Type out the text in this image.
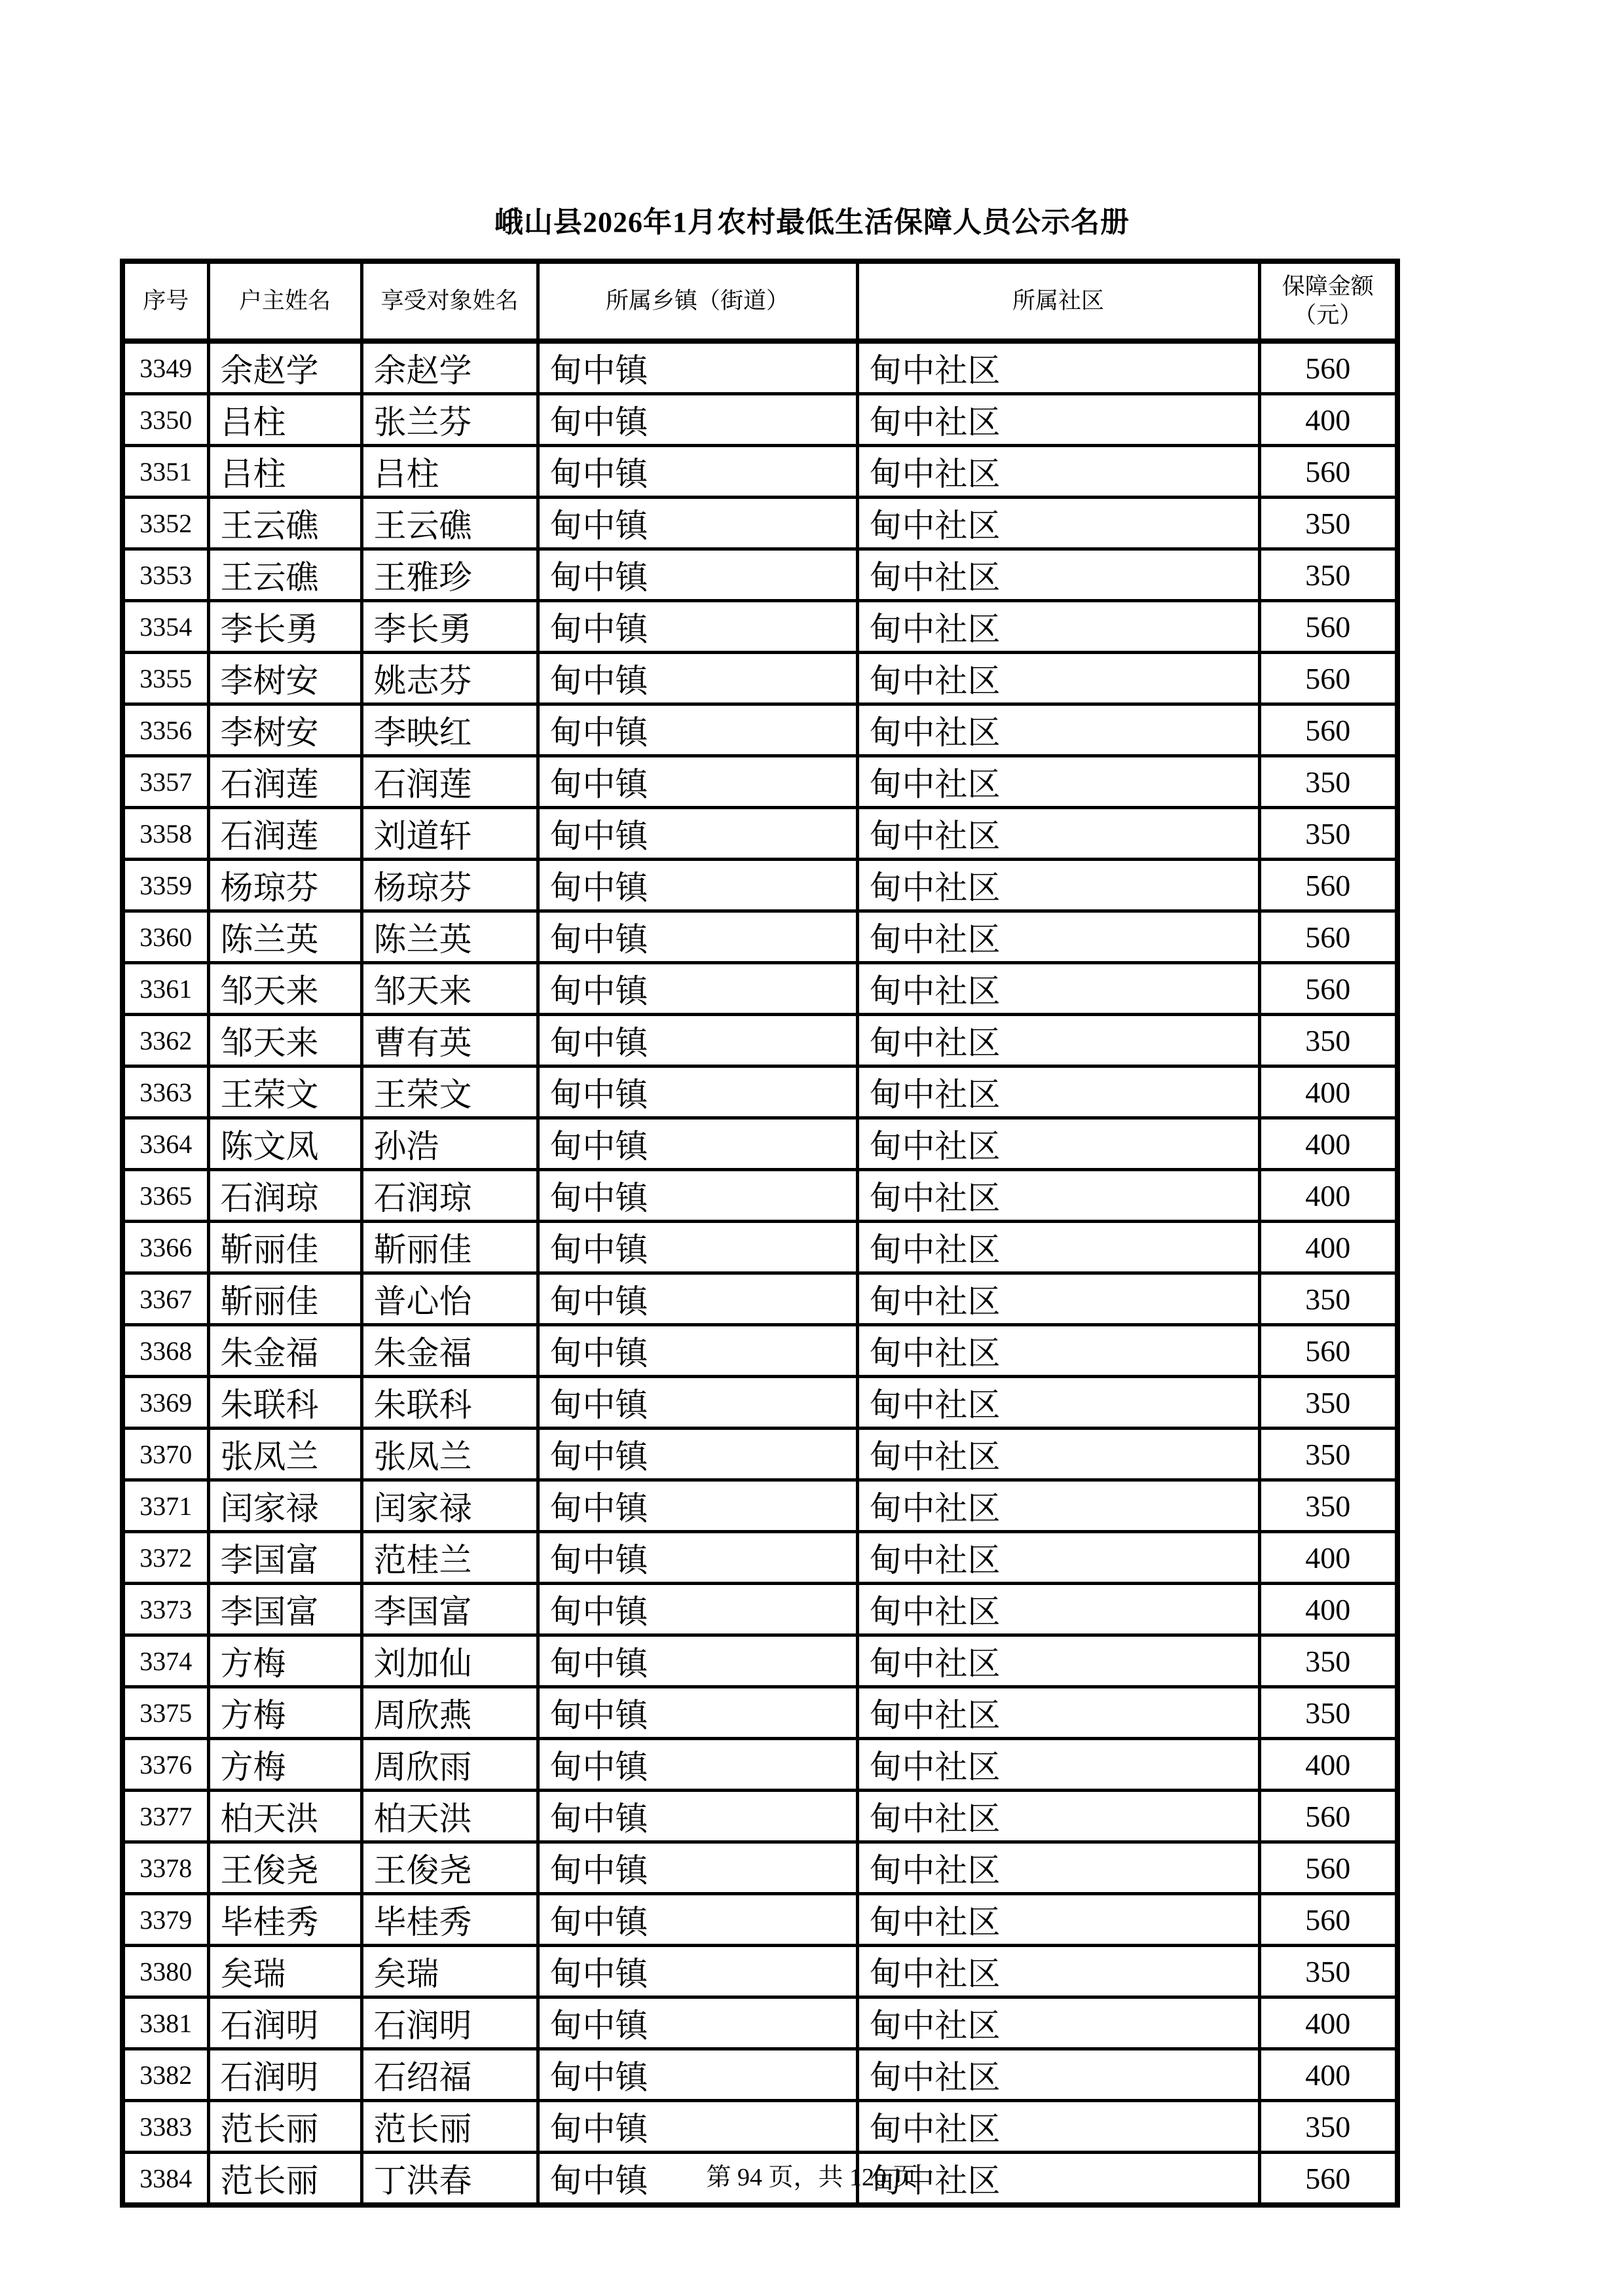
峨山县2026年1月农村最低生活保障人员公示名册
序号	户主姓名	享受对象姓名	所属乡镇（街道）	所属社区	保障金额
（元）
3349	余赵学	余赵学	甸中镇	甸中社区	560
3350	吕柱	张兰芬	甸中镇	甸中社区	400
3351	吕柱	吕柱	甸中镇	甸中社区	560
3352	王云礁	王云礁	甸中镇	甸中社区	350
3353	王云礁	王雅珍	甸中镇	甸中社区	350
3354	李长勇	李长勇	甸中镇	甸中社区	560
3355	李树安	姚志芬	甸中镇	甸中社区	560
3356	李树安	李映红	甸中镇	甸中社区	560
3357	石润莲	石润莲	甸中镇	甸中社区	350
3358	石润莲	刘道轩	甸中镇	甸中社区	350
3359	杨琼芬	杨琼芬	甸中镇	甸中社区	560
3360	陈兰英	陈兰英	甸中镇	甸中社区	560
3361	邹天来	邹天来	甸中镇	甸中社区	560
3362	邹天来	曹有英	甸中镇	甸中社区	350
3363	王荣文	王荣文	甸中镇	甸中社区	400
3364	陈文凤	孙浩	甸中镇	甸中社区	400
3365	石润琼	石润琼	甸中镇	甸中社区	400
3366	靳丽佳	靳丽佳	甸中镇	甸中社区	400
3367	靳丽佳	普心怡	甸中镇	甸中社区	350
3368	朱金福	朱金福	甸中镇	甸中社区	560
3369	朱联科	朱联科	甸中镇	甸中社区	350
3370	张凤兰	张凤兰	甸中镇	甸中社区	350
3371	闰家禄	闰家禄	甸中镇	甸中社区	350
3372	李国富	范桂兰	甸中镇	甸中社区	400
3373	李国富	李国富	甸中镇	甸中社区	400
3374	方梅	刘加仙	甸中镇	甸中社区	350
3375	方梅	周欣燕	甸中镇	甸中社区	350
3376	方梅	周欣雨	甸中镇	甸中社区	400
3377	柏天洪	柏天洪	甸中镇	甸中社区	560
3378	王俊尧	王俊尧	甸中镇	甸中社区	560
3379	毕桂秀	毕桂秀	甸中镇	甸中社区	560
3380	矣瑞	矣瑞	甸中镇	甸中社区	350
3381	石润明	石润明	甸中镇	甸中社区	400
3382	石润明	石绍福	甸中镇	甸中社区	400
3383	范长丽	范长丽	甸中镇	甸中社区	350
3384	范长丽	丁洪春	甸中镇	甸中社区	560
第 94 页，共 120 页
